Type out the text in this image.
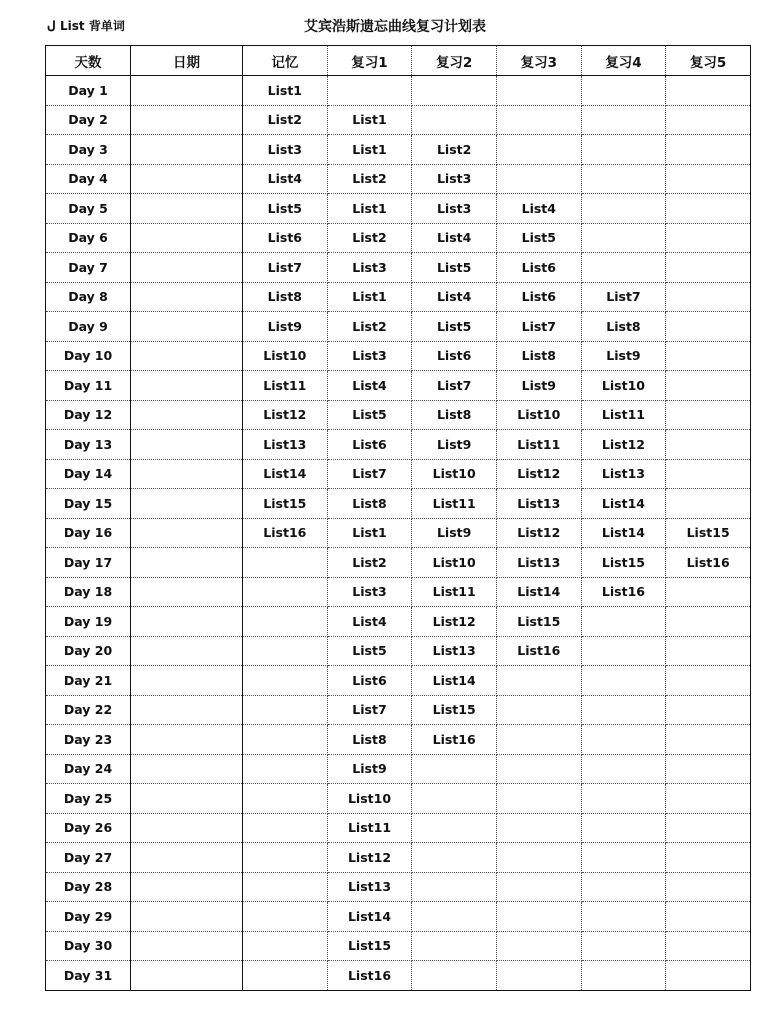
List 背单词	艾宾浩斯遗忘曲线复习计划表
天数	日期	记忆	复习1	复习2	复习3	复习4	复习5
Day 1		List1					
Day 2		List2	List1				
Day 3		List3	List1	List2			
Day 4		List4	List2	List3			
Day 5		List5	List1	List3	List4		
Day 6		List6	List2	List4	List5		
Day 7		List7	List3	List5	List6		
Day 8		List8	List1	List4	List6	List7	
Day 9		List9	List2	List5	List7	List8	
Day 10		List10	List3	List6	List8	List9	
Day 11		List11	List4	List7	List9	List10	
Day 12		List12	List5	List8	List10	List11	
Day 13		List13	List6	List9	List11	List12	
Day 14		List14	List7	List10	List12	List13	
Day 15		List15	List8	List11	List13	List14	
Day 16		List16	List1	List9	List12	List14	List15
Day 17			List2	List10	List13	List15	List16
Day 18			List3	List11	List14	List16	
Day 19			List4	List12	List15		
Day 20			List5	List13	List16		
Day 21			List6	List14			
Day 22			List7	List15			
Day 23			List8	List16			
Day 24			List9				
Day 25			List10				
Day 26			List11				
Day 27			List12				
Day 28			List13				
Day 29			List14				
Day 30			List15				
Day 31			List16				
